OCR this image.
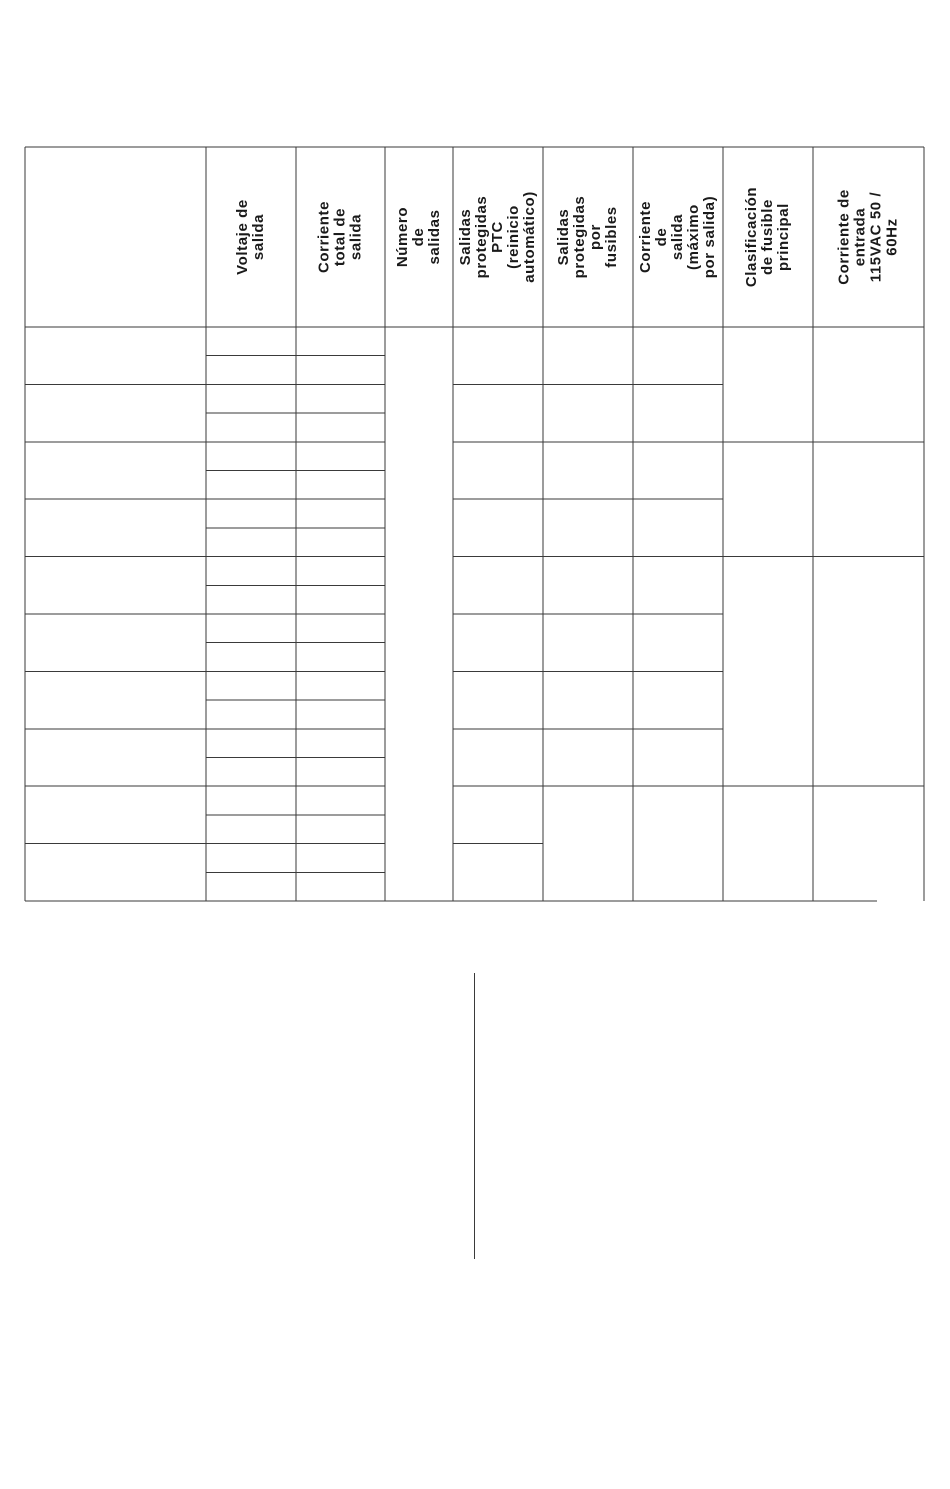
Voltaje de
salida	Corriente
total de
salida Número de
salidas Salidas
protegidas PTC
(reinicio
automático) Salidas
protegidas por
fusibles Corriente de
salida (máximo
por salida) Clasificación
de fusible
principal	Corriente de
entrada
115VAC 50 / 60Hz
